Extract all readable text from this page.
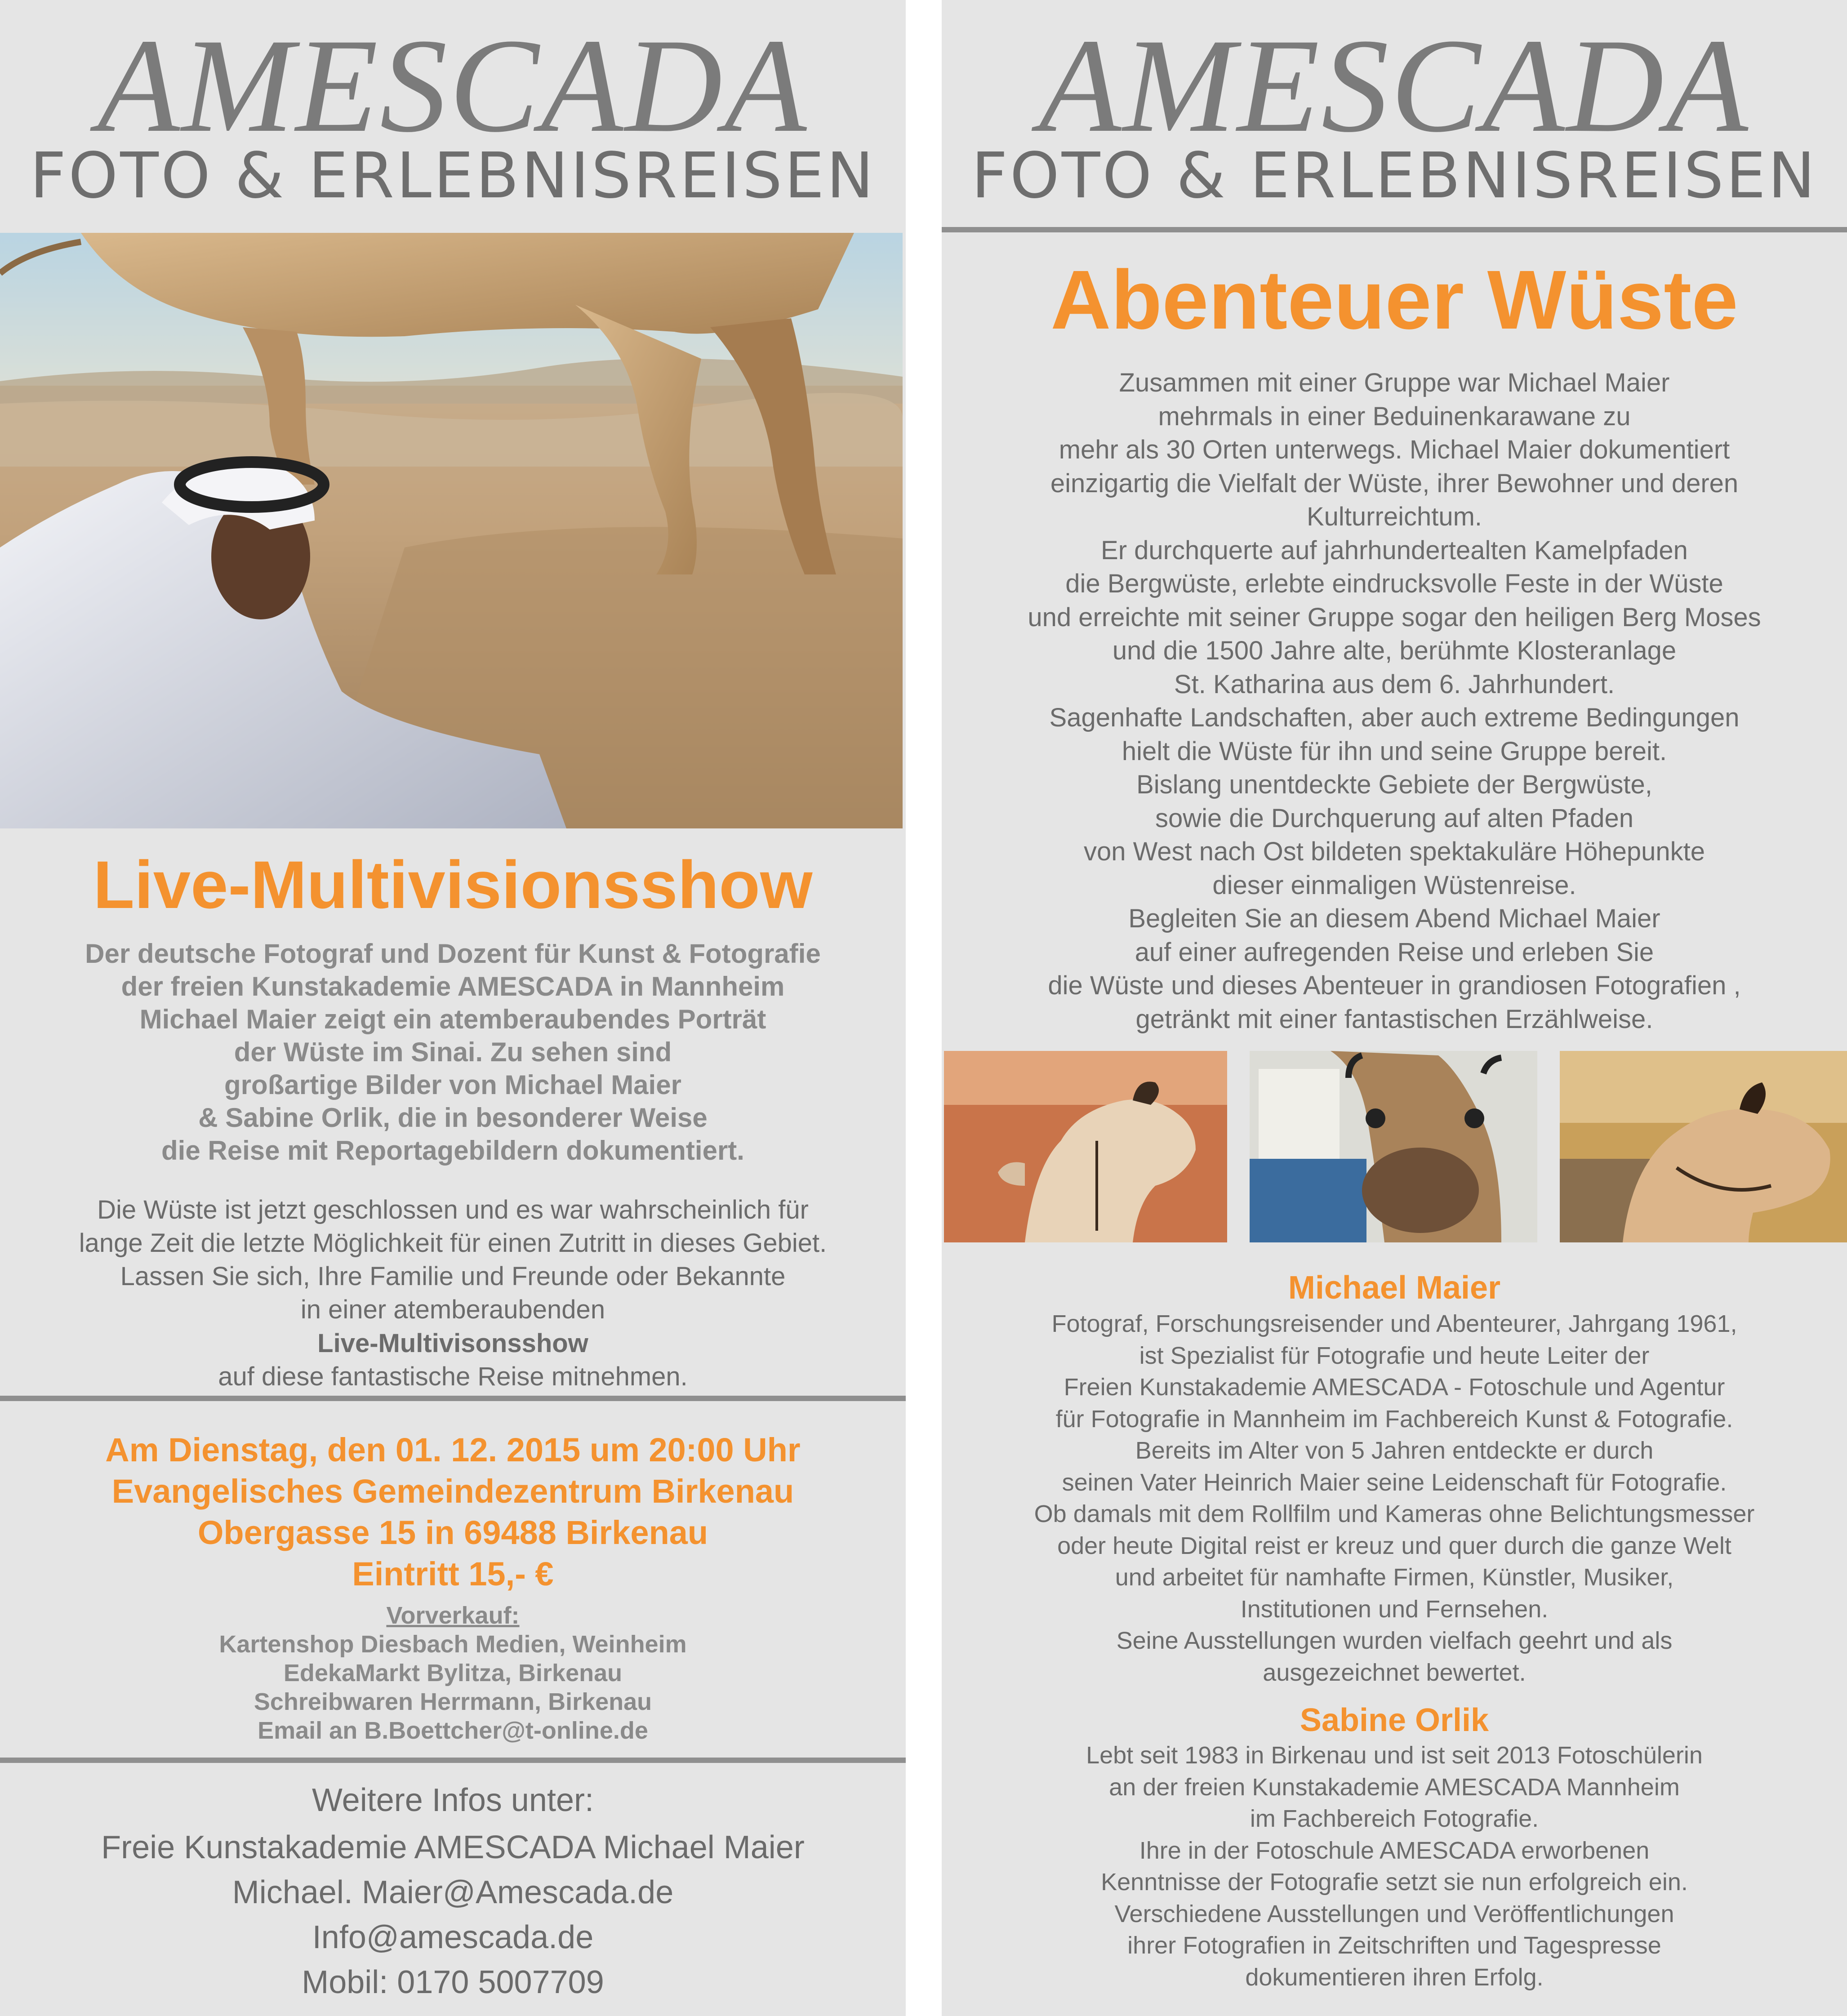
AMESCADA
FOTO & ERLEBNISREISEN
Live-Multivisionsshow
Der deutsche Fotograf und Dozent für Kunst & Fotografie
der freien Kunstakademie AMESCADA in Mannheim
Michael Maier zeigt ein atemberaubendes Porträt
der Wüste im Sinai. Zu sehen sind
großartige Bilder von Michael Maier
& Sabine Orlik, die in besonderer Weise
die Reise mit Reportagebildern dokumentiert.
Die Wüste ist jetzt geschlossen und es war wahrscheinlich für
lange Zeit die letzte Möglichkeit für einen Zutritt in dieses Gebiet.
Lassen Sie sich, Ihre Familie und Freunde oder Bekannte
in einer atemberaubenden
Live-Multivisonsshow
auf diese fantastische Reise mitnehmen.
Am Dienstag, den 01. 12. 2015 um 20:00 Uhr
Evangelisches Gemeindezentrum Birkenau
Obergasse 15 in 69488 Birkenau
Eintritt 15,- €
Vorverkauf:
Kartenshop Diesbach Medien, Weinheim
EdekaMarkt Bylitza, Birkenau
Schreibwaren Herrmann, Birkenau
Email an B.Boettcher@t-online.de
Weitere Infos unter:
Freie Kunstakademie AMESCADA Michael Maier
Michael. Maier@Amescada.de
Info@amescada.de
Mobil: 0170 5007709
AMESCADA
FOTO & ERLEBNISREISEN
Abenteuer Wüste
Zusammen mit einer Gruppe war Michael Maier
mehrmals in einer Beduinenkarawane zu
mehr als 30 Orten unterwegs. Michael Maier dokumentiert
einzigartig die Vielfalt der Wüste, ihrer Bewohner und deren
Kulturreichtum.
Er durchquerte auf jahrhundertealten Kamelpfaden
die Bergwüste, erlebte eindrucksvolle Feste in der Wüste
und erreichte mit seiner Gruppe sogar den heiligen Berg Moses
und die 1500 Jahre alte, berühmte Klosteranlage
St. Katharina aus dem 6. Jahrhundert.
Sagenhafte Landschaften, aber auch extreme Bedingungen
hielt die Wüste für ihn und seine Gruppe bereit.
Bislang unentdeckte Gebiete der Bergwüste,
sowie die Durchquerung auf alten Pfaden
von West nach Ost bildeten spektakuläre Höhepunkte
dieser einmaligen Wüstenreise.
Begleiten Sie an diesem Abend Michael Maier
auf einer aufregenden Reise und erleben Sie
die Wüste und dieses Abenteuer in grandiosen Fotografien ,
getränkt mit einer fantastischen Erzählweise.
Michael Maier
Fotograf, Forschungsreisender und Abenteurer, Jahrgang 1961,
ist Spezialist für Fotografie und heute Leiter der
Freien Kunstakademie AMESCADA - Fotoschule und Agentur
für Fotografie in Mannheim im Fachbereich Kunst & Fotografie.
Bereits im Alter von 5 Jahren entdeckte er durch
seinen Vater Heinrich Maier seine Leidenschaft für Fotografie.
Ob damals mit dem Rollfilm und Kameras ohne Belichtungsmesser
oder heute Digital reist er kreuz und quer durch die ganze Welt
und arbeitet für namhafte Firmen, Künstler, Musiker,
Institutionen und Fernsehen.
Seine Ausstellungen wurden vielfach geehrt und als
ausgezeichnet bewertet.
Sabine Orlik
Lebt seit 1983 in Birkenau und ist seit 2013 Fotoschülerin
an der freien Kunstakademie AMESCADA Mannheim
im Fachbereich Fotografie.
Ihre in der Fotoschule AMESCADA erworbenen
Kenntnisse der Fotografie setzt sie nun erfolgreich ein.
Verschiedene Ausstellungen und Veröffentlichungen
ihrer Fotografien in Zeitschriften und Tagespresse
dokumentieren ihren Erfolg.
